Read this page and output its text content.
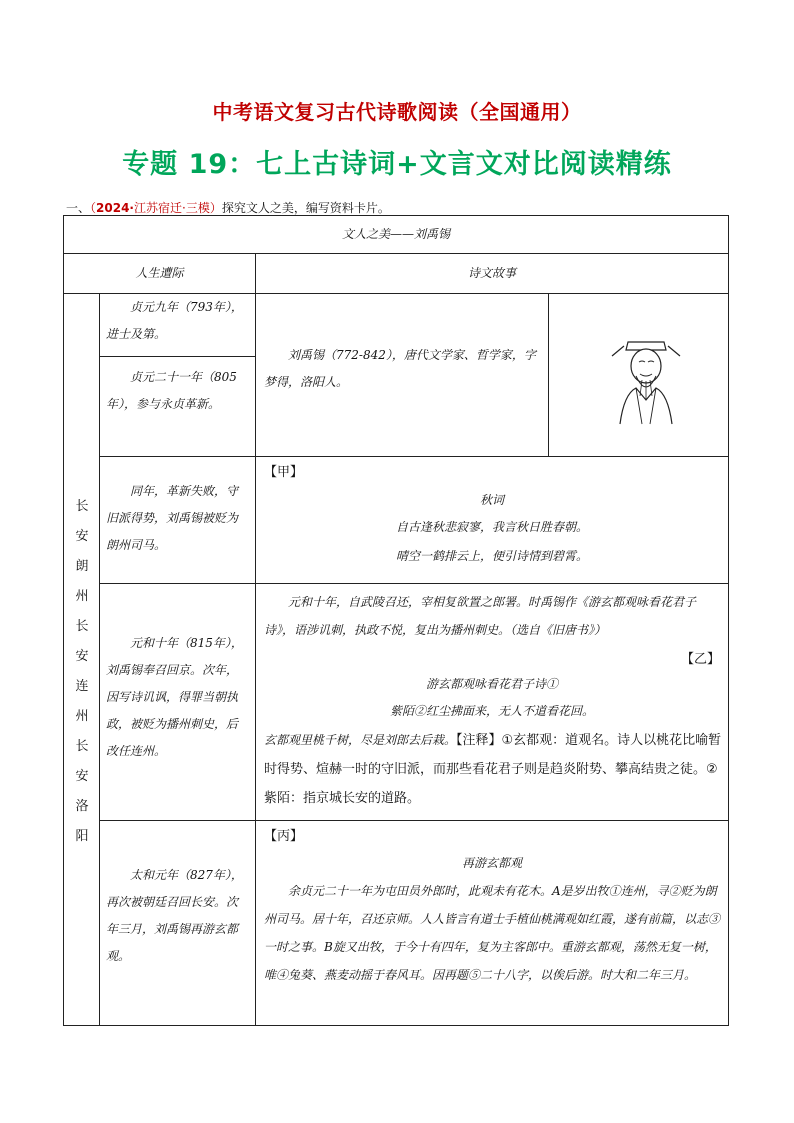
中考语文复习古代诗歌阅读（全国通用）
专题 19：七上古诗词+文言文对比阅读精练
一、（2024·江苏宿迁·三模）探究文人之美，编写资料卡片。
文人之美——刘禹锡
人生遭际	诗文故事
长
安
朗
州
长
安
连
州
长
安
洛
阳
贞元九年（793年），进士及第。
贞元二十一年（805年），参与永贞革新。
同年，革新失败，守旧派得势，刘禹锡被贬为朗州司马。
元和十年（815年），刘禹锡奉召回京。次年，因写诗讥讽，得罪当朝执政，被贬为播州刺史，后改任连州。
太和元年（827年），再次被朝廷召回长安。次年三月，刘禹锡再游玄都观。
刘禹锡（772-842），唐代文学家、哲学家，字梦得，洛阳人。
【甲】
秋词
自古逢秋悲寂寥，我言秋日胜春朝。
晴空一鹤排云上，便引诗情到碧霄。
元和十年，自武陵召还，宰相复欲置之郎署。时禹锡作《游玄都观咏看花君子诗》，语涉讥刺，执政不悦，复出为播州刺史。（选自《旧唐书》）
【乙】
游玄都观咏看花君子诗①
紫陌②红尘拂面来，无人不道看花回。
玄都观里桃千树，尽是刘郎去后栽。【注释】①玄都观：道观名。诗人以桃花比喻暂时得势、煊赫一时的守旧派，而那些看花君子则是趋炎附势、攀高结贵之徒。②紫陌：指京城长安的道路。
【丙】
再游玄都观
余贞元二十一年为屯田员外郎时，此观未有花木。A是岁出牧①连州，寻②贬为朗州司马。居十年，召还京师。人人皆言有道士手植仙桃满观如红霞，遂有前篇，以志③一时之事。B旋又出牧，于今十有四年，复为主客郎中。重游玄都观，荡然无复一树，唯④兔葵、燕麦动摇于春风耳。因再题⑤二十八字，以俟后游。时大和二年三月。
